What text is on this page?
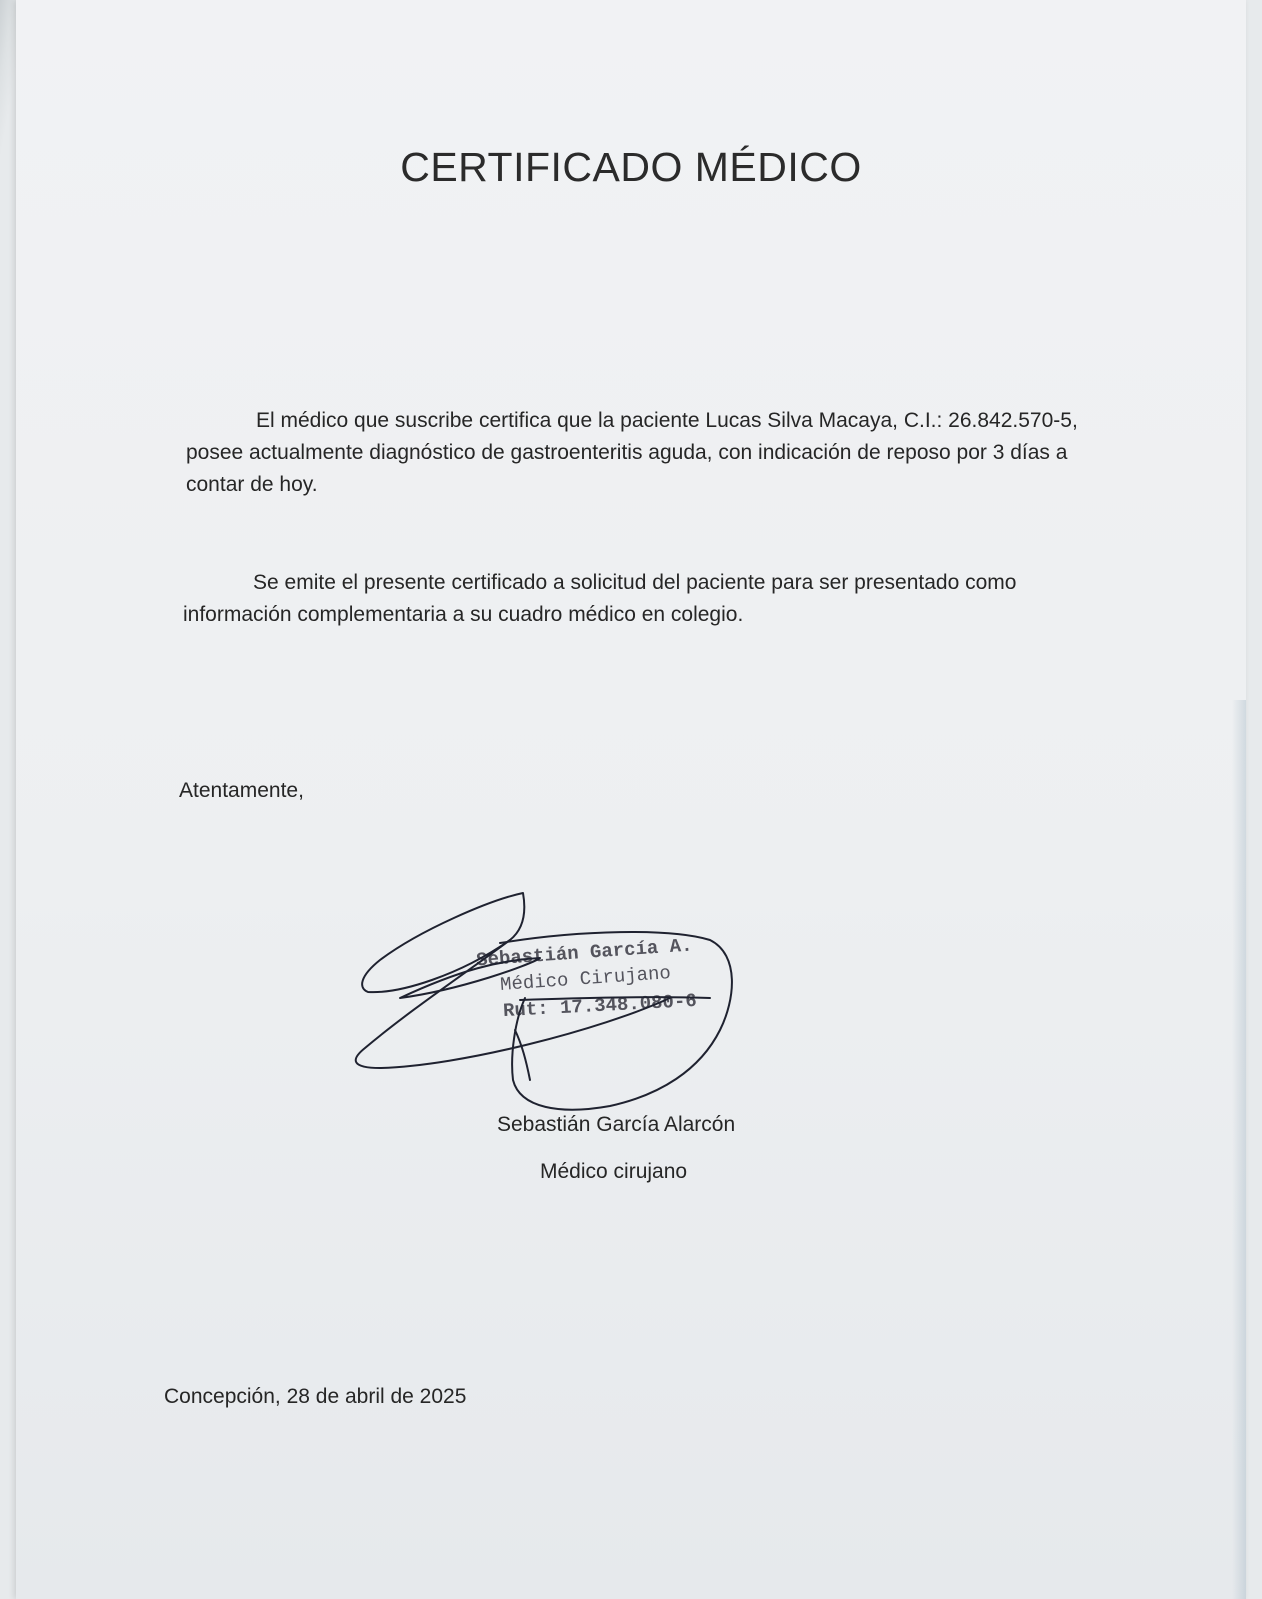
CERTIFICADO MÉDICO

El médico que suscribe certifica que la paciente Lucas Silva Macaya, C.I.: 26.842.570-5, posee actualmente diagnóstico de gastroenteritis aguda, con indicación de reposo por 3 días a contar de hoy.

Se emite el presente certificado a solicitud del paciente para ser presentado como información complementaria a su cuadro médico en colegio.

Atentamente,

Sebastián García A.
Médico Cirujano
Rut: 17.348.080-6

Sebastián García Alarcón

Médico cirujano

Concepción, 28 de abril de 2025
